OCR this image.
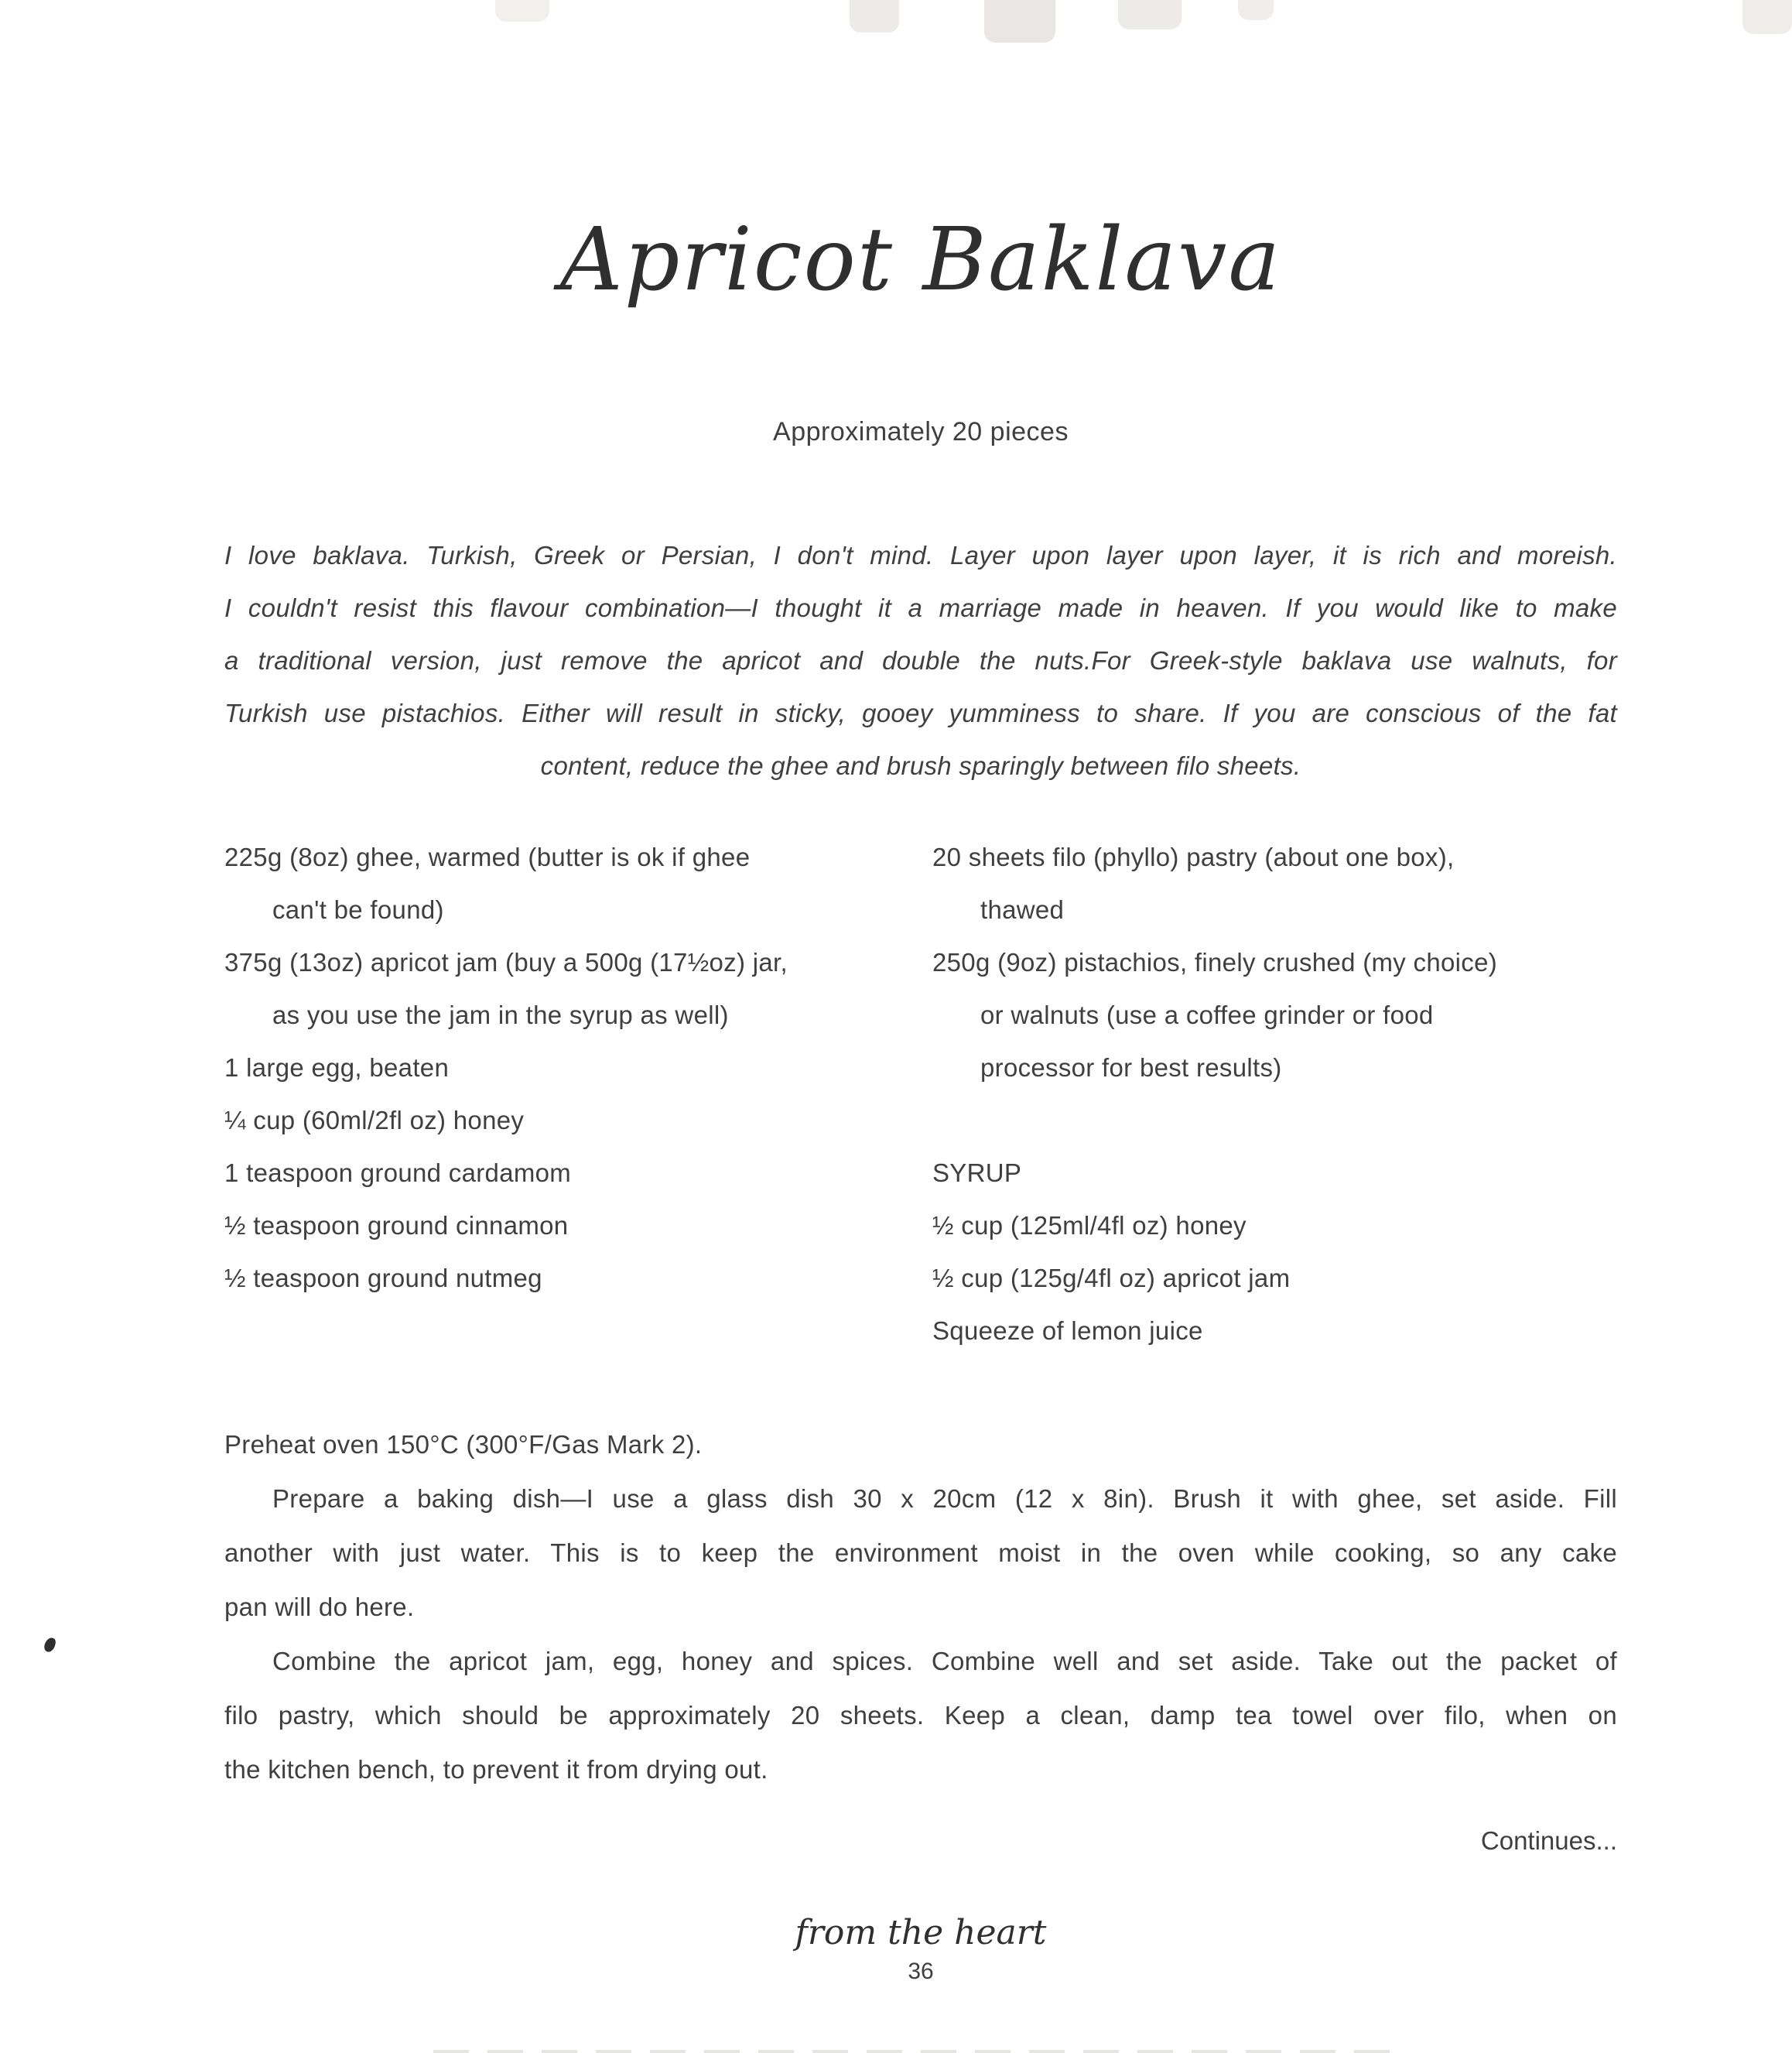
Apricot Baklava
Approximately 20 pieces
I love baklava. Turkish, Greek or Persian, I don't mind. Layer upon layer upon layer, it is rich and moreish.
I couldn't resist this flavour combination—I thought it a marriage made in heaven. If you would like to make
a traditional version, just remove the apricot and double the nuts.For Greek-style baklava use walnuts, for
Turkish use pistachios. Either will result in sticky, gooey yumminess to share. If you are conscious of the fat
content, reduce the ghee and brush sparingly between filo sheets.
225g (8oz) ghee, warmed (butter is ok if ghee
can't be found)
375g (13oz) apricot jam (buy a 500g (17½oz) jar,
as you use the jam in the syrup as well)
1 large egg, beaten
¼ cup (60ml/2fl oz) honey
1 teaspoon ground cardamom
½ teaspoon ground cinnamon
½ teaspoon ground nutmeg
20 sheets filo (phyllo) pastry (about one box),
thawed
250g (9oz) pistachios, finely crushed (my choice)
or walnuts (use a coffee grinder or food
processor for best results)

SYRUP
½ cup (125ml/4fl oz) honey
½ cup (125g/4fl oz) apricot jam
Squeeze of lemon juice
Preheat oven 150°C (300°F/Gas Mark 2).
Prepare a baking dish—I use a glass dish 30 x 20cm (12 x 8in). Brush it with ghee, set aside. Fill
another with just water. This is to keep the environment moist in the oven while cooking, so any cake
pan will do here.
Combine the apricot jam, egg, honey and spices. Combine well and set aside. Take out the packet of
filo pastry, which should be approximately 20 sheets. Keep a clean, damp tea towel over filo, when on
the kitchen bench, to prevent it from drying out.
Continues...
from the heart
36
